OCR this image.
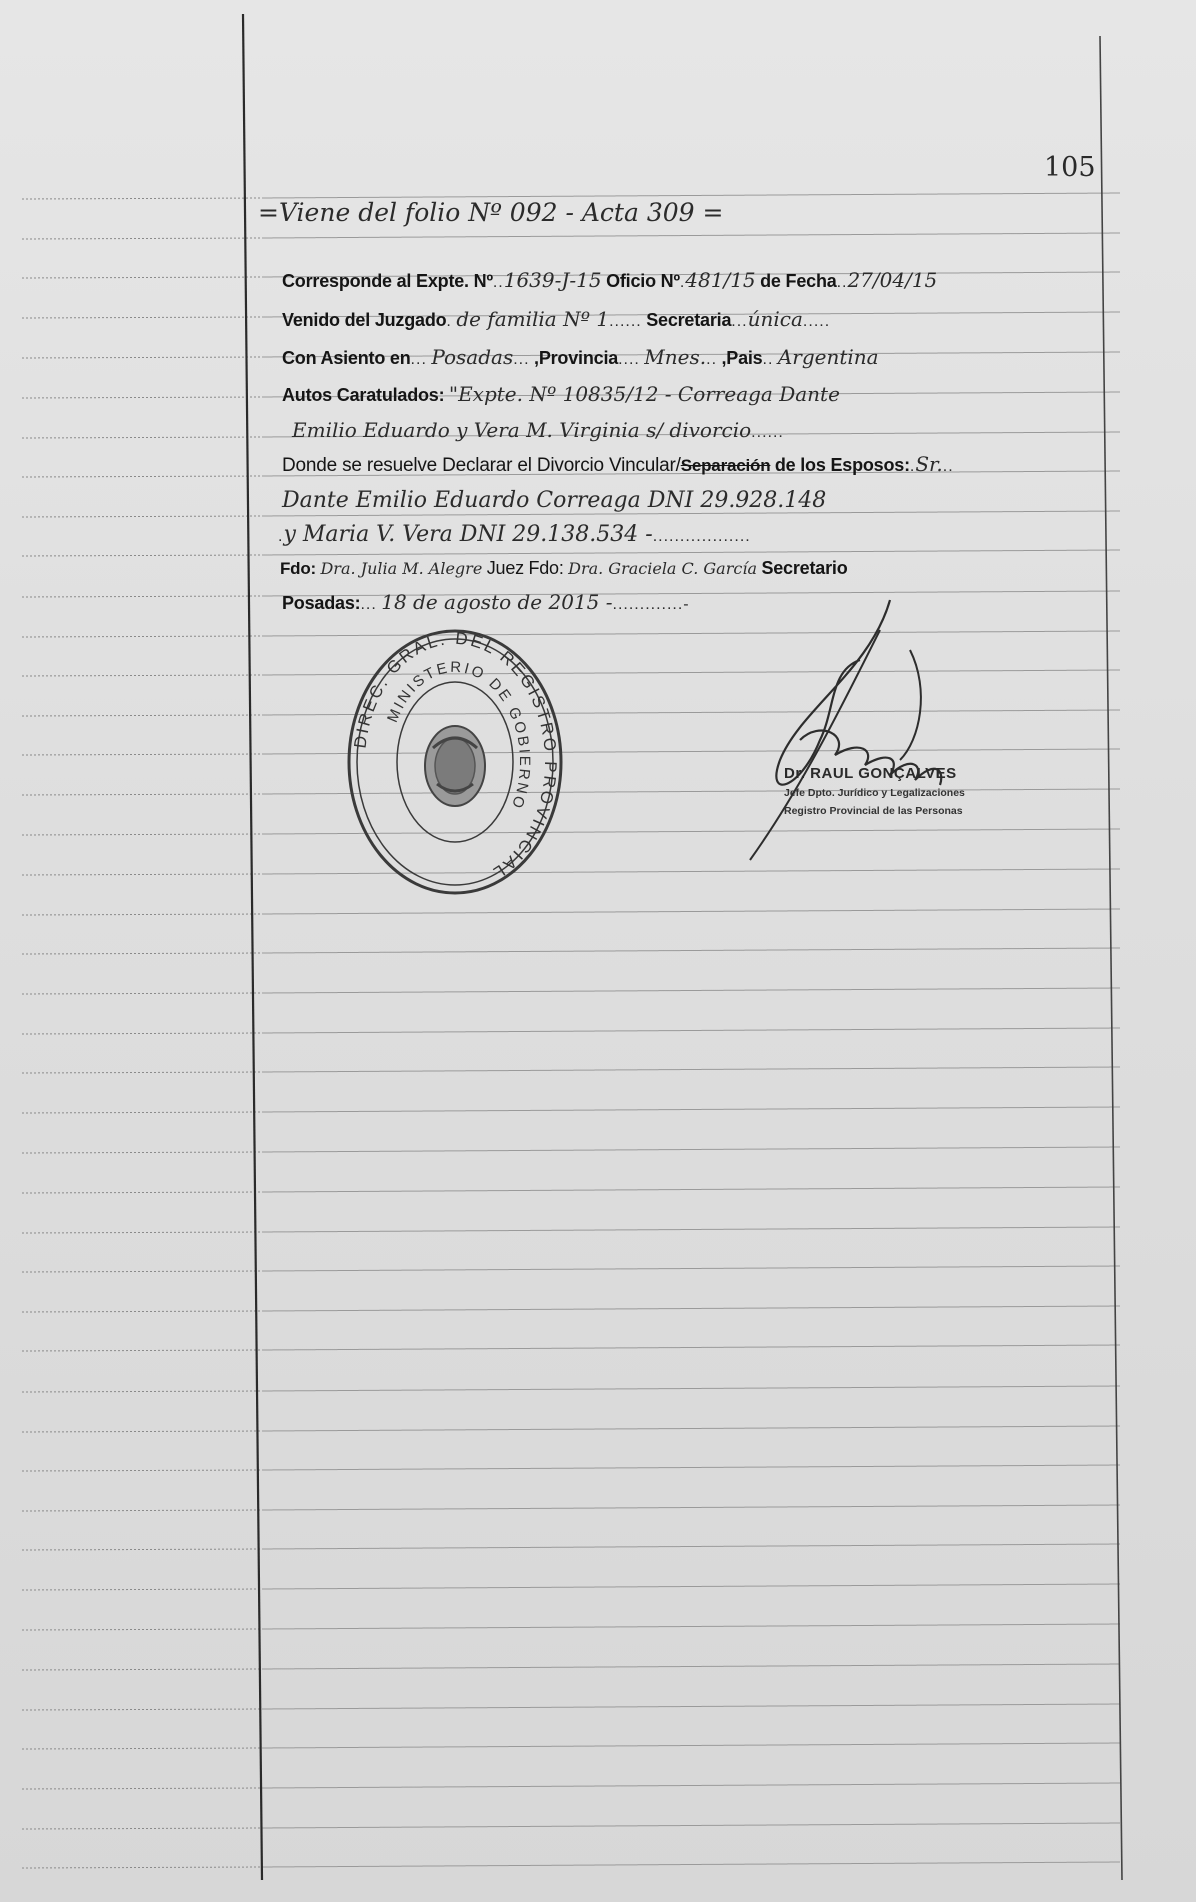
105
=Viene del folio Nº 092 - Acta 309 =
Corresponde al Expte. Nº..1639-J-15 Oficio Nº.481/15 de Fecha..27/04/15
Venido del Juzgado. de familia Nº 1...... Secretaria...única.....
Con Asiento en... Posadas... ,Provincia.... Mnes... ,Pais.. Argentina
Autos Caratulados: "Expte. Nº 10835/12 - Correaga Dante
Emilio Eduardo y Vera M. Virginia s/ divorcio......
Donde se resuelve Declarar el Divorcio Vincular/Separación de los Esposos:.Sr...
Dante Emilio Eduardo Correaga DNI 29.928.148
.y Maria V. Vera DNI 29.138.534 -..................
Fdo: Dra. Julia M. Alegre Juez Fdo: Dra. Graciela C. García Secretario
Posadas:... 18 de agosto de 2015 -.............-
DIREC. GRAL. DEL REGISTRO PROVINCIAL
MINISTERIO DE GOBIERNO
Dr. RAUL GONÇALVES
Jefe Dpto. Jurídico y Legalizaciones
Registro Provincial de las Personas
